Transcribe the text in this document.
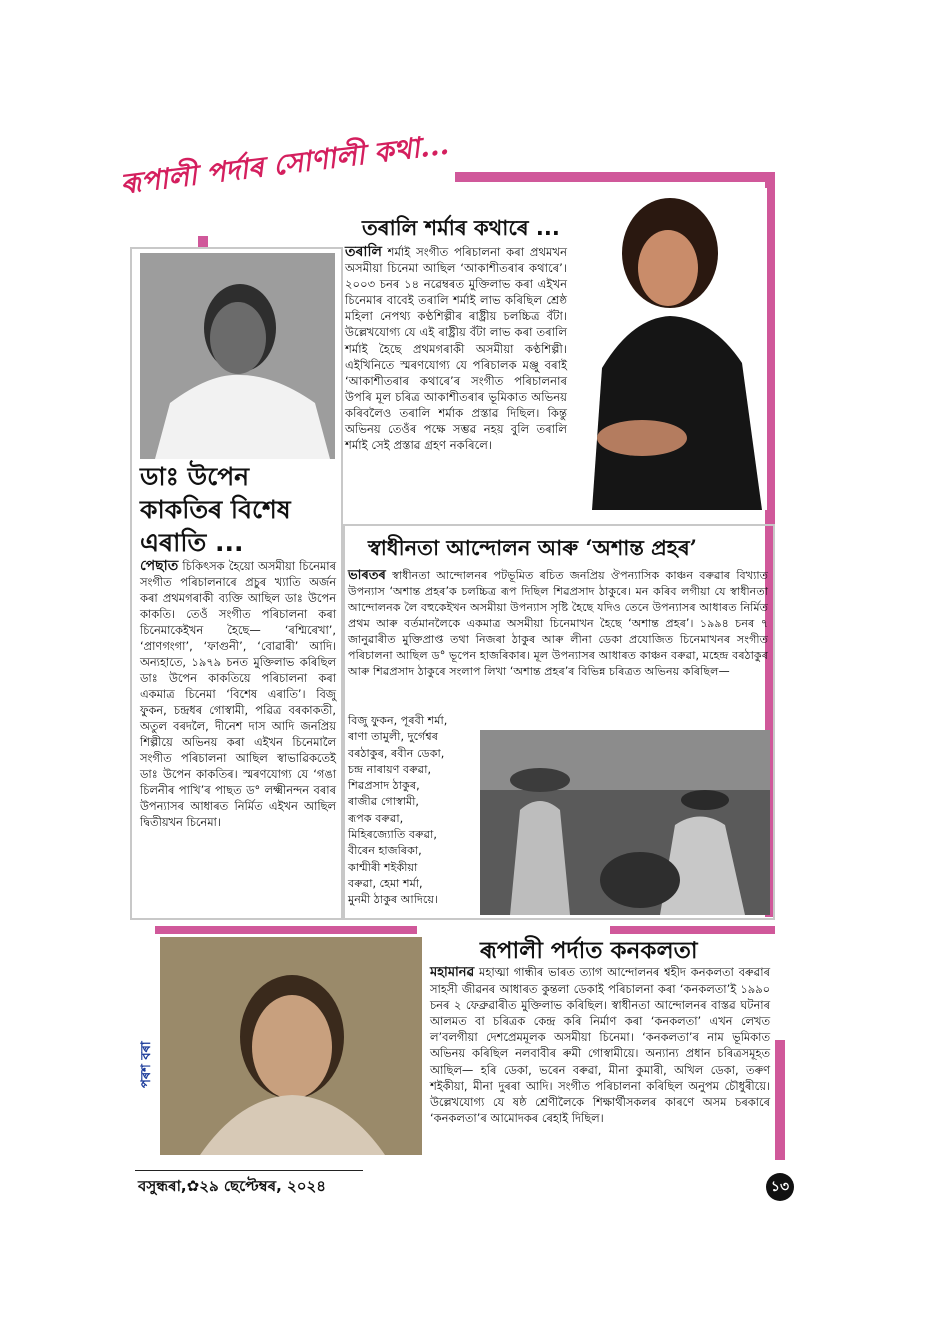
ৰূপালী পৰ্দাৰ সোণালী কথা...
তৰালি শৰ্মাৰ কথাৰে ...
তৰালি শৰ্মাই সংগীত পৰিচালনা কৰা প্ৰথমখন অসমীয়া চিনেমা আছিল ‘আকাশীতৰাৰ কথাৰে’। ২০০৩ চনৰ ১৪ নৱেম্বৰত মুক্তিলাভ কৰা এইখন চিনেমাৰ বাবেই তৰালি শৰ্মাই লাভ কৰিছিল শ্ৰেষ্ঠ মহিলা নেপথ্য কণ্ঠশিল্পীৰ ৰাষ্ট্ৰীয় চলচ্চিত্ৰ বঁটা। উল্লেখযোগ্য যে এই ৰাষ্ট্ৰীয় বঁটা লাভ কৰা তৰালি শৰ্মাই হৈছে প্ৰথমগৰাকী অসমীয়া কণ্ঠশিল্পী। এইখিনিতে স্মৰণযোগ্য যে পৰিচালক মঞ্জু বৰাই ‘আকাশীতৰাৰ কথাৰে’ৰ সংগীত পৰিচালনাৰ উপৰি মূল চৰিত্ৰ আকাশীতৰাৰ ভূমিকাত অভিনয় কৰিবলৈও তৰালি শৰ্মাক প্ৰস্তাৱ দিছিল। কিন্তু অভিনয় তেওঁৰ পক্ষে সম্ভৱ নহয় বুলি তৰালি শৰ্মাই সেই প্ৰস্তাৱ গ্ৰহণ নকৰিলে।
ডাঃ উপেন কাকতিৰ বিশেষ এৰাতি ...
পেছাত চিকিৎসক হৈয়ো অসমীয়া চিনেমাৰ সংগীত পৰিচালনাৰে প্ৰচুৰ খ্যাতি অৰ্জন কৰা প্ৰথমগৰাকী ব্যক্তি আছিল ডাঃ উপেন কাকতি। তেওঁ সংগীত পৰিচালনা কৰা চিনেমাকেইখন হৈছে— ‘ৰশ্মিৰেখা’, ‘প্ৰাণগংগা’, ‘ফাগুনী’, ‘বোৱাৰী’ আদি। অন্যহাতে, ১৯৭৯ চনত মুক্তিলাভ কৰিছিল ডাঃ উপেন কাকতিয়ে পৰিচালনা কৰা একমাত্ৰ চিনেমা ‘বিশেষ এৰাতি’। বিজু ফুকন, চন্দ্ৰধৰ গোস্বামী, পৱিত্ৰ বৰকাকতী, অতুল বৰদলৈ, দীনেশ দাস আদি জনপ্ৰিয় শিল্পীয়ে অভিনয় কৰা এইখন চিনেমালৈ সংগীত পৰিচালনা আছিল স্বাভাৱিকতেই ডাঃ উপেন কাকতিৰ। স্মৰণযোগ্য যে ‘গঙা চিলনীৰ পাখি’ৰ পাছত ড° লক্ষ্মীনন্দন বৰাৰ উপন্যাসৰ আধাৰত নিৰ্মিত এইখন আছিল দ্বিতীয়খন চিনেমা।
স্বাধীনতা আন্দোলন আৰু ‘অশান্ত প্ৰহৰ’
ভাৰতৰ স্বাধীনতা আন্দোলনৰ পটভূমিত ৰচিত জনপ্ৰিয় ঔপন্যাসিক কাঞ্চন বৰুৱাৰ বিখ্যাত উপন্যাস ‘অশান্ত প্ৰহৰ’ক চলচ্চিত্ৰ ৰূপ দিছিল শিৱপ্ৰসাদ ঠাকুৰে। মন কৰিব লগীয়া যে স্বাধীনতা আন্দোলনক লৈ বহুকেইখন অসমীয়া উপন্যাস সৃষ্টি হৈছে যদিও তেনে উপন্যাসৰ আধাৰত নিৰ্মিত প্ৰথম আৰু বৰ্তমানলৈকে একমাত্ৰ অসমীয়া চিনেমাখন হৈছে ‘অশান্ত প্ৰহৰ’। ১৯৯৪ চনৰ ৭ জানুৱাৰীত মুক্তিপ্ৰাপ্ত তথা নিজৰা ঠাকুৰ আৰু লীনা ডেকা প্ৰযোজিত চিনেমাখনৰ সংগীত পৰিচালনা আছিল ড° ভূপেন হাজৰিকাৰ। মূল উপন্যাসৰ আধাৰত কাঞ্চন বৰুৱা, মহেন্দ্ৰ বৰঠাকুৰ আৰু শিৱপ্ৰসাদ ঠাকুৰে সংলাপ লিখা ‘অশান্ত প্ৰহৰ’ৰ বিভিন্ন চৰিত্ৰত অভিনয় কৰিছিল—
বিজু ফুকন, পূৰবী শৰ্মা,
ৰাণা তামুলী, দুৰ্গেশ্বৰ
বৰঠাকুৰ, ৰবীন ডেকা,
চন্দ্ৰ নাৰায়ণ বৰুৱা,
শিৱপ্ৰসাদ ঠাকুৰ,
ৰাজীৱ গোস্বামী,
ৰূপক বৰুৱা,
মিহিৰজ্যোতি বৰুৱা,
বীৰেন হাজৰিকা,
কাশ্মীৰী শইকীয়া
বৰুৱা, হেমা শৰ্মা,
মুনমী ঠাকুৰ আদিয়ে।
পৰশ বৰা
ৰূপালী পৰ্দাত কনকলতা
মহামানৱ মহাত্মা গান্ধীৰ ভাৰত ত্যাগ আন্দোলনৰ শ্বহীদ কনকলতা বৰুৱাৰ সাহসী জীৱনৰ আধাৰত কুন্তলা ডেকাই পৰিচালনা কৰা ‘কনকলতা’ই ১৯৯০ চনৰ ২ ফেব্ৰুৱাৰীত মুক্তিলাভ কৰিছিল। স্বাধীনতা আন্দোলনৰ বাস্তৱ ঘটনাৰ আলমত বা চৰিত্ৰক কেন্দ্ৰ কৰি নিৰ্মাণ কৰা ‘কনকলতা’ এখন লেখত ল’বলগীয়া দেশপ্ৰেমমূলক অসমীয়া চিনেমা। ‘কনকলতা’ৰ নাম ভূমিকাত অভিনয় কৰিছিল নলবাবীৰ ৰুমী গোস্বামীয়ে। অন্যান্য প্ৰধান চৰিত্ৰসমূহত আছিল— হৰি ডেকা, ভৰেন বৰুৱা, মীনা কুমাৰী, অখিল ডেকা, তৰুণ শইকীয়া, মীনা দুৰৰা আদি। সংগীত পৰিচালনা কৰিছিল অনুপম চৌধুৰীয়ে। উল্লেখযোগ্য যে ষষ্ঠ শ্ৰেণীলৈকে শিক্ষাৰ্থীসকলৰ কাৰণে অসম চৰকাৰে ‘কনকলতা’ৰ আমোদকৰ ৰেহাই দিছিল।
বসুন্ধৰা,✿২৯ ছেপ্টেম্বৰ, ২০২৪	১৩
